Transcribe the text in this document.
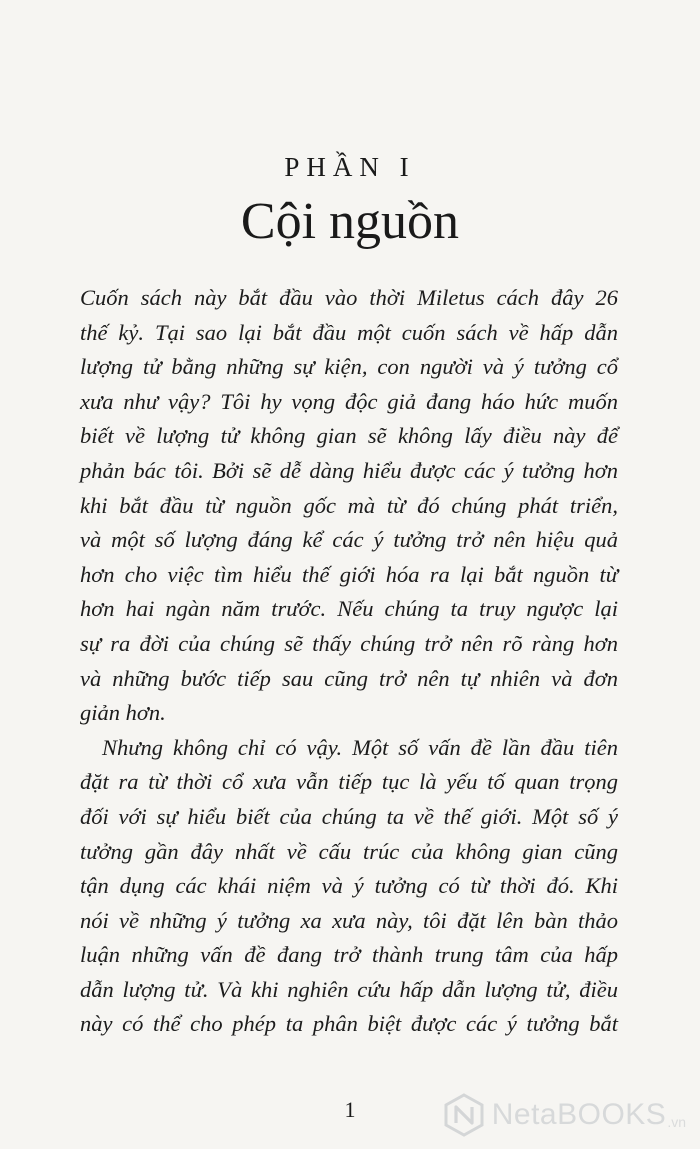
PHẦN I
Cội nguồn

Cuốn sách này bắt đầu vào thời Miletus cách đây 26
thế kỷ. Tại sao lại bắt đầu một cuốn sách về hấp dẫn
lượng tử bằng những sự kiện, con người và ý tưởng cổ
xưa như vậy? Tôi hy vọng độc giả đang háo hức muốn
biết về lượng tử không gian sẽ không lấy điều này để
phản bác tôi. Bởi sẽ dễ dàng hiểu được các ý tưởng hơn
khi bắt đầu từ nguồn gốc mà từ đó chúng phát triển,
và một số lượng đáng kể các ý tưởng trở nên hiệu quả
hơn cho việc tìm hiểu thế giới hóa ra lại bắt nguồn từ
hơn hai ngàn năm trước. Nếu chúng ta truy ngược lại
sự ra đời của chúng sẽ thấy chúng trở nên rõ ràng hơn
và những bước tiếp sau cũng trở nên tự nhiên và đơn
giản hơn.

Nhưng không chỉ có vậy. Một số vấn đề lần đầu tiên
đặt ra từ thời cổ xưa vẫn tiếp tục là yếu tố quan trọng
đối với sự hiểu biết của chúng ta về thế giới. Một số ý
tưởng gần đây nhất về cấu trúc của không gian cũng
tận dụng các khái niệm và ý tưởng có từ thời đó. Khi
nói về những ý tưởng xa xưa này, tôi đặt lên bàn thảo
luận những vấn đề đang trở thành trung tâm của hấp
dẫn lượng tử. Và khi nghiên cứu hấp dẫn lượng tử, điều
này có thể cho phép ta phân biệt được các ý tưởng bắt

1	NetaBOOKS .vn
